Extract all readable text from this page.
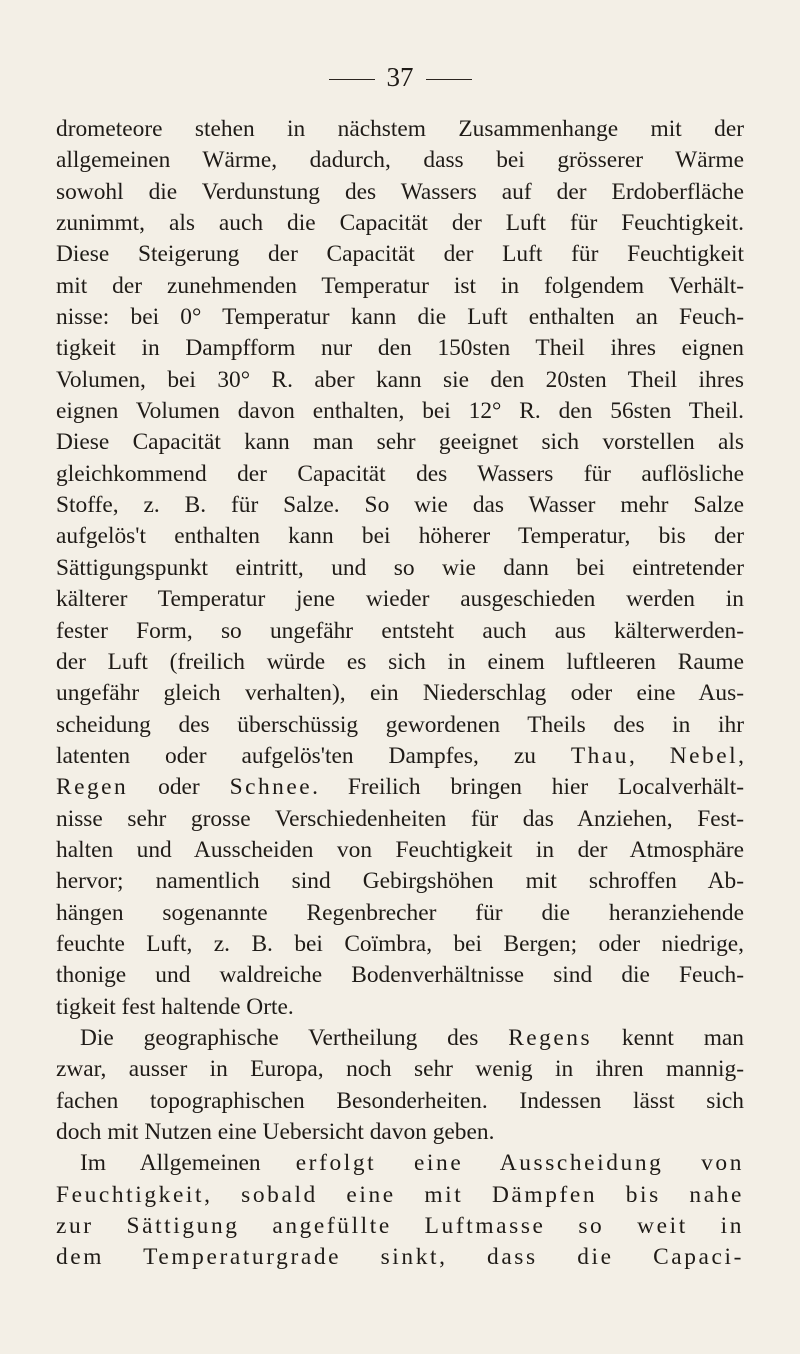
37
drometeore stehen in nächstem Zusammenhange mit der
allgemeinen Wärme, dadurch, dass bei grösserer Wärme
sowohl die Verdunstung des Wassers auf der Erdoberfläche
zunimmt, als auch die Capacität der Luft für Feuchtigkeit.
Diese Steigerung der Capacität der Luft für Feuchtigkeit
mit der zunehmenden Temperatur ist in folgendem Verhält-
nisse: bei 0° Temperatur kann die Luft enthalten an Feuch-
tigkeit in Dampfform nur den 150sten Theil ihres eignen
Volumen, bei 30° R. aber kann sie den 20sten Theil ihres
eignen Volumen davon enthalten, bei 12° R. den 56sten Theil.
Diese Capacität kann man sehr geeignet sich vorstellen als
gleichkommend der Capacität des Wassers für auflösliche
Stoffe, z. B. für Salze. So wie das Wasser mehr Salze
aufgelös't enthalten kann bei höherer Temperatur, bis der
Sättigungspunkt eintritt, und so wie dann bei eintretender
kälterer Temperatur jene wieder ausgeschieden werden in
fester Form, so ungefähr entsteht auch aus kälterwerden-
der Luft (freilich würde es sich in einem luftleeren Raume
ungefähr gleich verhalten), ein Niederschlag oder eine Aus-
scheidung des überschüssig gewordenen Theils des in ihr
latenten oder aufgelös'ten Dampfes, zu Thau, Nebel,
Regen oder Schnee. Freilich bringen hier Localverhält-
nisse sehr grosse Verschiedenheiten für das Anziehen, Fest-
halten und Ausscheiden von Feuchtigkeit in der Atmosphäre
hervor; namentlich sind Gebirgshöhen mit schroffen Ab-
hängen sogenannte Regenbrecher für die heranziehende
feuchte Luft, z. B. bei Coïmbra, bei Bergen; oder niedrige,
thonige und waldreiche Bodenverhältnisse sind die Feuch-
tigkeit fest haltende Orte.
Die geographische Vertheilung des Regens kennt man
zwar, ausser in Europa, noch sehr wenig in ihren mannig-
fachen topographischen Besonderheiten. Indessen lässt sich
doch mit Nutzen eine Uebersicht davon geben.
Im Allgemeinen erfolgt eine Ausscheidung von
Feuchtigkeit, sobald eine mit Dämpfen bis nahe
zur Sättigung angefüllte Luftmasse so weit in
dem Temperaturgrade sinkt, dass die Capaci-
